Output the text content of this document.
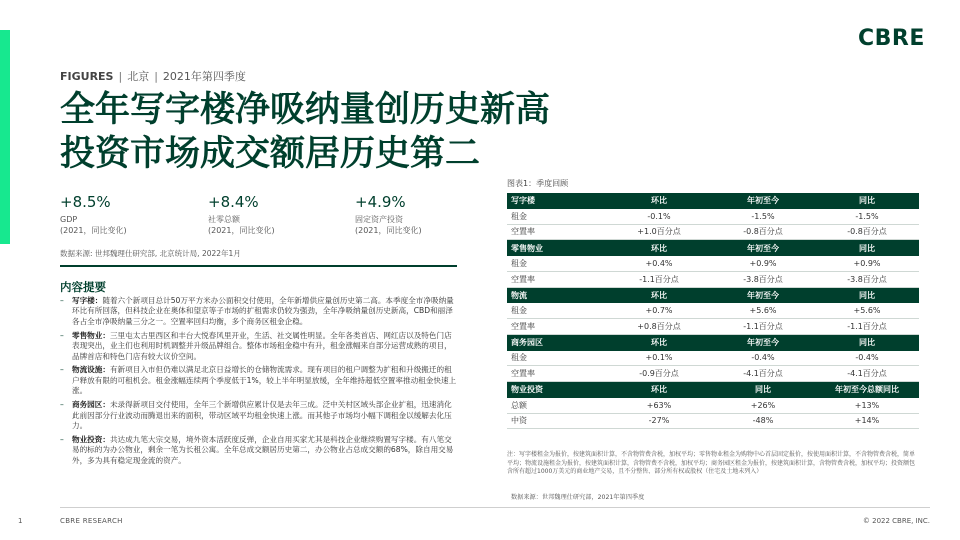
CBRE
FIGURES | 北京 | 2021年第四季度
全年写字楼净吸纳量创历史新高
投资市场成交额居历史第二
+8.5%
GDP
(2021，同比变化)
+8.4%
社零总额
(2021，同比变化)
+4.9%
固定资产投资
(2021，同比变化)
数据来源: 世邦魏理仕研究部, 北京统计局, 2022年1月
内容提要
– 写字楼：随着六个新项目总计50万平方米办公面积交付使用，全年新增供应量创历史第二高。本季度全市净吸纳量环比有所回落，但科技企业在奥体和望京等子市场的扩租需求仍较为强劲，全年净吸纳量创历史新高，CBD和丽泽各占全市净吸纳量三分之一。空置率回归均衡，多个商务区租金企稳。
– 零售物业：三里屯太古里西区和丰台大悦春风里开业，生活、社交属性明显。全年各类首店、网红店以及特色门店表现突出，业主们也利用时机调整并升级品牌组合。整体市场租金稳中有升，租金涨幅来自部分运营成熟的项目，品牌首店和特色门店有较大议价空间。
– 物流设施：有新项目入市但仍难以满足北京日益增长的仓储物流需求。现有项目的租户调整为扩租和升级搬迁的租户释放有限的可租机会。租金涨幅连续两个季度低于1%，较上半年明显放缓，全年维持超低空置率推动租金快速上涨。
– 商务园区：未录得新项目交付使用，全年三个新增供应累计仅是去年三成。泛中关村区域头部企业扩租，迅速消化此前因部分行业波动而腾退出来的面积，带动区域平均租金快速上涨。而其他子市场均小幅下调租金以缓解去化压力。
– 物业投资：共达成九笔大宗交易，境外资本活跃度反弹，企业自用买家尤其是科技企业继续购置写字楼。有八笔交易的标的为办公物业，剩余一笔为长租公寓。全年总成交额居历史第二，办公物业占总成交额的68%，除自用交易外，多为具有稳定现金流的资产。
图表1：季度回顾
写字楼	环比	年初至今	同比
租金	-0.1%	-1.5%	-1.5%
空置率	+1.0百分点	-0.8百分点	-0.8百分点
零售物业	环比	年初至今	同比
租金	+0.4%	+0.9%	+0.9%
空置率	-1.1百分点	-3.8百分点	-3.8百分点
物流	环比	年初至今	同比
租金	+0.7%	+5.6%	+5.6%
空置率	+0.8百分点	-1.1百分点	-1.1百分点
商务园区	环比	年初至今	同比
租金	+0.1%	-0.4%	-0.4%
空置率	-0.9百分点	-4.1百分点	-4.1百分点
物业投资	环比	同比	年初至今总额同比
总额	+63%	+26%	+13%
中资	-27%	-48%	+14%
注：写字楼租金为报价，按建筑面积计算，不含物管费含税，加权平均；零售物业租金为购物中心首层固定报价，按使用面积计算，不含物管费含税，简单平均；物流设施租金为报价，按建筑面积计算，含物管费不含税，加权平均；商务园区租金为报价，按建筑面积计算，含物管费含税，加权平均；投资额包含所有超过1000万美元的商业地产交易，且不分整售、部分所有权或股权（住宅及土地未列入）
数据来源：世邦魏理仕研究部，2021年第四季度
1	CBRE RESEARCH	© 2022 CBRE, INC.
